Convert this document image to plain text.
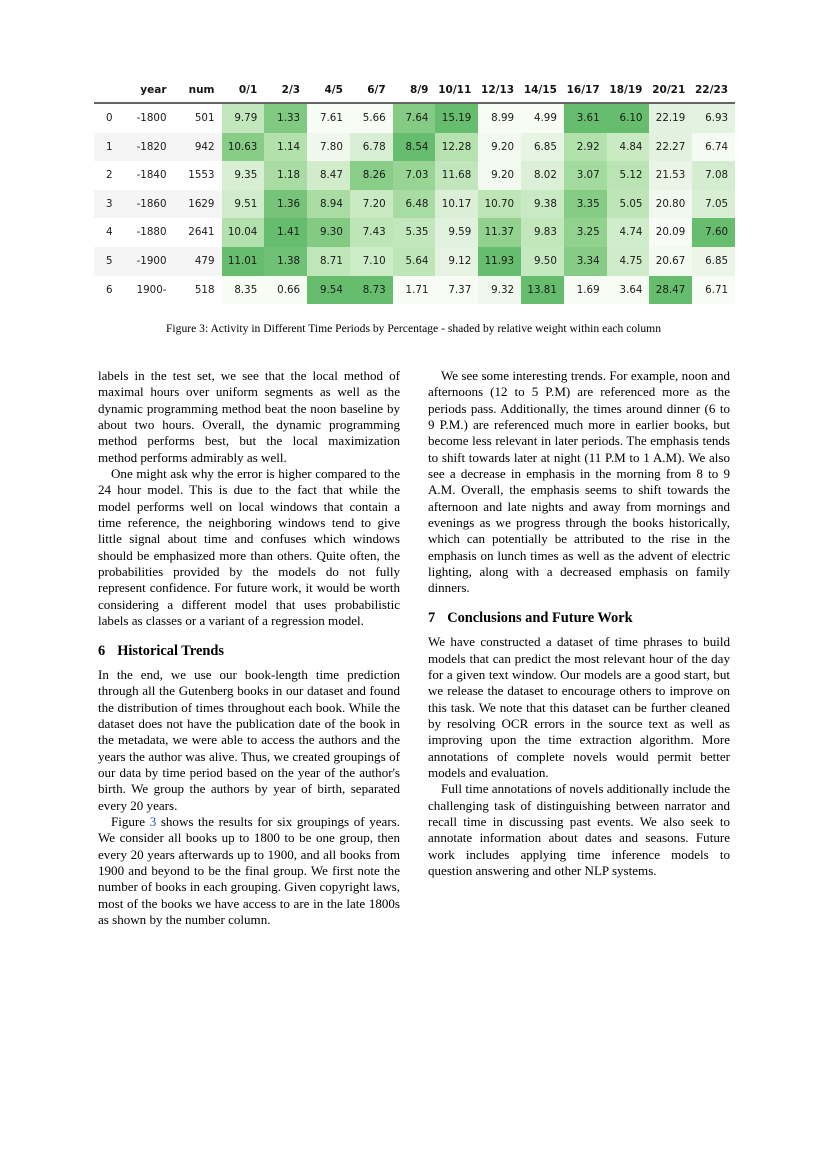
	year	num	0/1	2/3	4/5	6/7	8/9	10/11	12/13	14/15	16/17	18/19	20/21	22/23
0	-1800	501	9.79	1.33	7.61	5.66	7.64	15.19	8.99	4.99	3.61	6.10	22.19	6.93
1	-1820	942	10.63	1.14	7.80	6.78	8.54	12.28	9.20	6.85	2.92	4.84	22.27	6.74
2	-1840	1553	9.35	1.18	8.47	8.26	7.03	11.68	9.20	8.02	3.07	5.12	21.53	7.08
3	-1860	1629	9.51	1.36	8.94	7.20	6.48	10.17	10.70	9.38	3.35	5.05	20.80	7.05
4	-1880	2641	10.04	1.41	9.30	7.43	5.35	9.59	11.37	9.83	3.25	4.74	20.09	7.60
5	-1900	479	11.01	1.38	8.71	7.10	5.64	9.12	11.93	9.50	3.34	4.75	20.67	6.85
6	1900-	518	8.35	0.66	9.54	8.73	1.71	7.37	9.32	13.81	1.69	3.64	28.47	6.71
Figure 3: Activity in Different Time Periods by Percentage - shaded by relative weight within each column

labels in the test set, we see that the local method of maximal hours over uniform segments as well as the dynamic programming method beat the noon baseline by about two hours. Overall, the dynamic programming method performs best, but the local maximization method performs admirably as well.

One might ask why the error is higher compared to the 24 hour model. This is due to the fact that while the model performs well on local windows that contain a time reference, the neighboring windows tend to give little signal about time and confuses which windows should be emphasized more than others. Quite often, the probabilities provided by the models do not fully represent confidence. For future work, it would be worth considering a different model that uses probabilistic labels as classes or a variant of a regression model.

6 Historical Trends

In the end, we use our book-length time prediction through all the Gutenberg books in our dataset and found the distribution of times throughout each book. While the dataset does not have the publication date of the book in the metadata, we were able to access the authors and the years the author was alive. Thus, we created groupings of our data by time period based on the year of the author's birth. We group the authors by year of birth, separated every 20 years.

Figure 3 shows the results for six groupings of years. We consider all books up to 1800 to be one group, then every 20 years afterwards up to 1900, and all books from 1900 and beyond to be the final group. We first note the number of books in each grouping. Given copyright laws, most of the books we have access to are in the late 1800s as shown by the number column.

We see some interesting trends. For example, noon and afternoons (12 to 5 P.M) are referenced more as the periods pass. Additionally, the times around dinner (6 to 9 P.M.) are referenced much more in earlier books, but become less relevant in later periods. The emphasis tends to shift towards later at night (11 P.M to 1 A.M). We also see a decrease in emphasis in the morning from 8 to 9 A.M. Overall, the emphasis seems to shift towards the afternoon and late nights and away from mornings and evenings as we progress through the books historically, which can potentially be attributed to the rise in the emphasis on lunch times as well as the advent of electric lighting, along with a decreased emphasis on family dinners.

7 Conclusions and Future Work

We have constructed a dataset of time phrases to build models that can predict the most relevant hour of the day for a given text window. Our models are a good start, but we release the dataset to encourage others to improve on this task. We note that this dataset can be further cleaned by resolving OCR errors in the source text as well as improving upon the time extraction algorithm. More annotations of complete novels would permit better models and evaluation.

Full time annotations of novels additionally include the challenging task of distinguishing between narrator and recall time in discussing past events. We also seek to annotate information about dates and seasons. Future work includes applying time inference models to question answering and other NLP systems.
